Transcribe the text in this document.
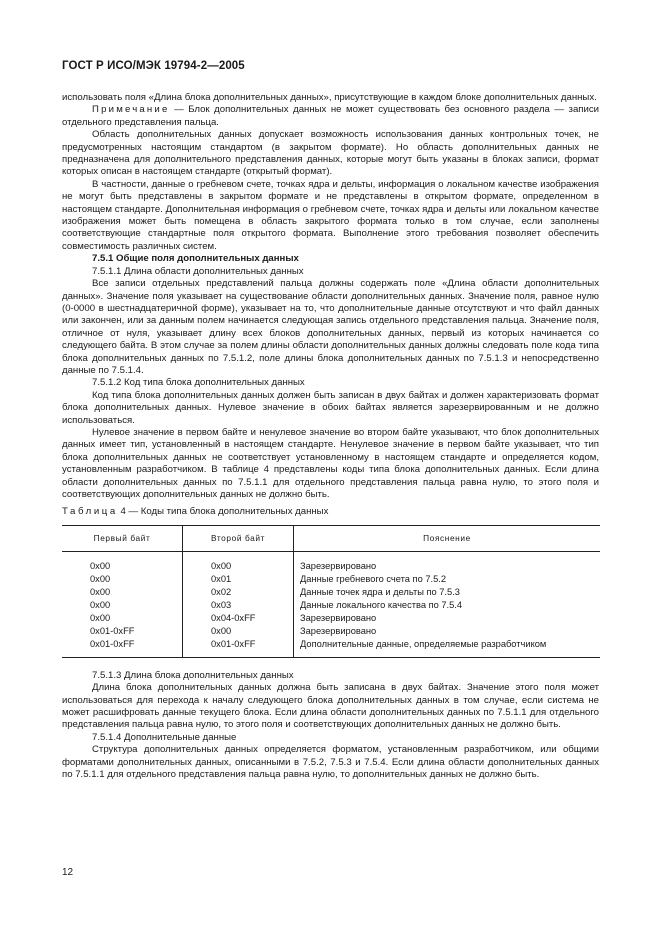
ГОСТ Р ИСО/МЭК 19794-2—2005

использовать поля «Длина блока дополнительных данных», присутствующие в каждом блоке дополнительных данных.

Примечание — Блок дополнительных данных не может существовать без основного раздела — записи отдельного представления пальца.

Область дополнительных данных допускает возможность использования данных контрольных точек, не предусмотренных настоящим стандартом (в закрытом формате). Но область дополнительных данных не предназначена для дополнительного представления данных, которые могут быть указаны в блоках записи, формат которых описан в настоящем стандарте (открытый формат).

В частности, данные о гребневом счете, точках ядра и дельты, информация о локальном качестве изображения не могут быть представлены в закрытом формате и не представлены в открытом формате, определенном в настоящем стандарте. Дополнительная информация о гребневом счете, точках ядра и дельты или локальном качестве изображения может быть помещена в область закрытого формата только в том случае, если заполнены соответствующие стандартные поля открытого формата. Выполнение этого требования позволяет обеспечить совместимость различных систем.

7.5.1 Общие поля дополнительных данных

7.5.1.1 Длина области дополнительных данных

Все записи отдельных представлений пальца должны содержать поле «Длина области дополнительных данных». Значение поля указывает на существование области дополнительных данных. Значение поля, равное нулю (0-0000 в шестнадцатеричной форме), указывает на то, что дополнительные данные отсутствуют и что файл данных или закончен, или за данным полем начинается следующая запись отдельного представления пальца. Значение поля, отличное от нуля, указывает длину всех блоков дополнительных данных, первый из которых начинается со следующего байта. В этом случае за полем длины области дополнительных данных должны следовать поле кода типа блока дополнительных данных по 7.5.1.2, поле длины блока дополнительных данных по 7.5.1.3 и непосредственно данные по 7.5.1.4.

7.5.1.2 Код типа блока дополнительных данных

Код типа блока дополнительных данных должен быть записан в двух байтах и должен характеризовать формат блока дополнительных данных. Нулевое значение в обоих байтах является зарезервированным и не должно использоваться.

Нулевое значение в первом байте и ненулевое значение во втором байте указывают, что блок дополнительных данных имеет тип, установленный в настоящем стандарте. Ненулевое значение в первом байте указывает, что тип блока дополнительных данных не соответствует установленному в настоящем стандарте и определяется кодом, установленным разработчиком. В таблице 4 представлены коды типа блока дополнительных данных. Если длина области дополнительных данных по 7.5.1.1 для отдельного представления пальца равна нулю, то этого поля и соответствующих дополнительных данных не должно быть.

Таблица 4 — Коды типа блока дополнительных данных

Первый байт	Второй байт	Пояснение
0x00	0x00	Зарезервировано
0x00	0x01	Данные гребневого счета по 7.5.2
0x00	0x02	Данные точек ядра и дельты по 7.5.3
0x00	0x03	Данные локального качества по 7.5.4
0x00	0x04-0xFF	Зарезервировано
0x01-0xFF	0x00	Зарезервировано
0x01-0xFF	0x01-0xFF	Дополнительные данные, определяемые разработчиком

7.5.1.3 Длина блока дополнительных данных

Длина блока дополнительных данных должна быть записана в двух байтах. Значение этого поля может использоваться для перехода к началу следующего блока дополнительных данных в том случае, если система не может расшифровать данные текущего блока. Если длина области дополнительных данных по 7.5.1.1 для отдельного представления пальца равна нулю, то этого поля и соответствующих дополнительных данных не должно быть.

7.5.1.4 Дополнительные данные

Структура дополнительных данных определяется форматом, установленным разработчиком, или общими форматами дополнительных данных, описанными в 7.5.2, 7.5.3 и 7.5.4. Если длина области дополнительных данных по 7.5.1.1 для отдельного представления пальца равна нулю, то дополнительных данных не должно быть.

12
